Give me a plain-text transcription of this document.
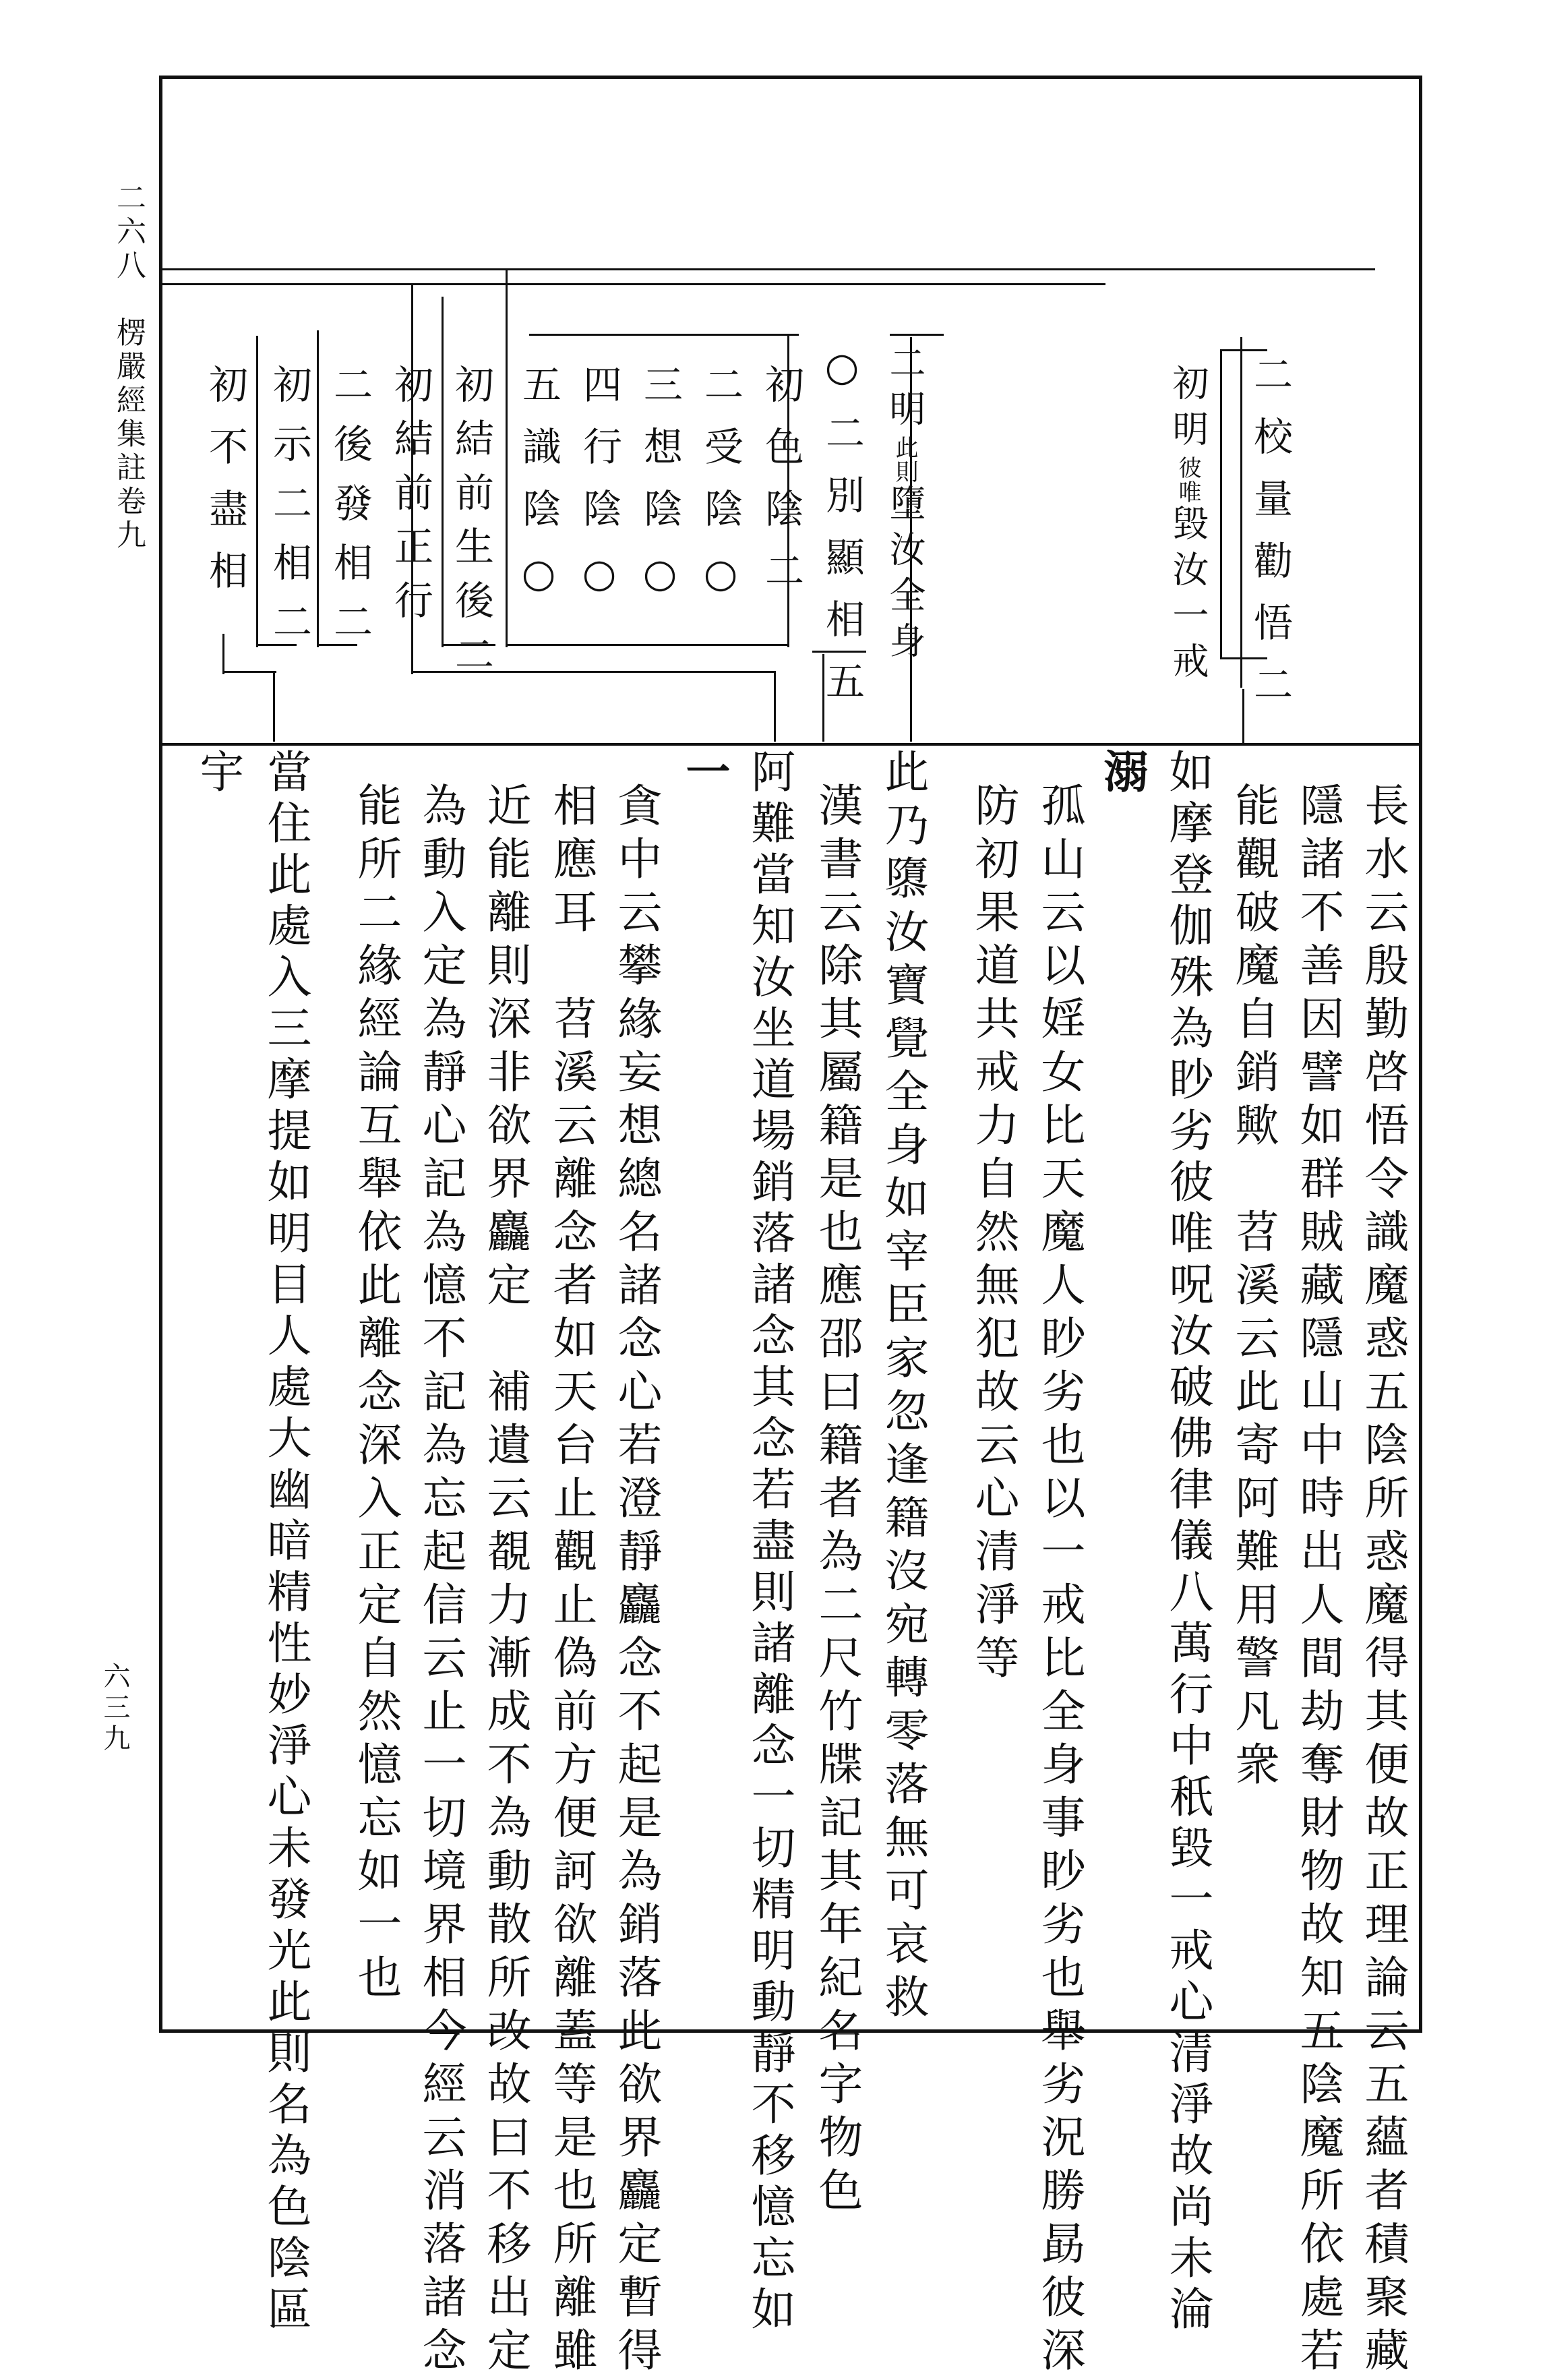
二六八　楞嚴經集註卷九
六三九
二校量勸悟二
初明彼唯毀汝一戒
二明此則墮汝全身
○二別顯相五
初色陰二
二受陰○
三想陰○
四行陰○
五識陰○
初結前生後二
初結前正行
二後發相二
初示二相二
初不盡相
長水云殷勤啓悟令識魔惑五陰所惑魔得其便故正理論云五蘊者積聚藏
隱諸不善因譬如群賊藏隱山中時出人間劫奪財物故知五陰魔所依處若
能觀破魔自銷歟　苕溪云此寄阿難用警凡衆
如摩登伽殊為眇劣彼唯呪汝破佛律儀八萬行中秖毀一戒心清淨故尚未淪
溺
孤山云以婬女比天魔人眇劣也以一戒比全身事眇劣也舉劣況勝勗彼深
防初果道共戒力自然無犯故云心清淨等
此乃隳汝寶覺全身如宰臣家忽逢籍沒宛轉零落無可哀救
漢書云除其屬籍是也應邵曰籍者為二尺竹牒記其年紀名字物色
阿難當知汝坐道場銷落諸念其念若盡則諸離念一切精明動靜不移憶忘如
一
貪中云攀緣妄想總名諸念心若澄靜麤念不起是為銷落此欲界麤定暫得
相應耳　苕溪云離念者如天台止觀止偽前方便訶欲離蓋等是也所離雖
近能離則深非欲界麤定　補遺云覩力漸成不為動散所改故曰不移出定
為動入定為靜心記為憶不記為忘起信云止一切境界相今經云消落諸念
能所二緣經論互舉依此離念深入正定自然憶忘如一也
當住此處入三摩提如明目人處大幽暗精性妙淨心未發光此則名為色陰區
宇
